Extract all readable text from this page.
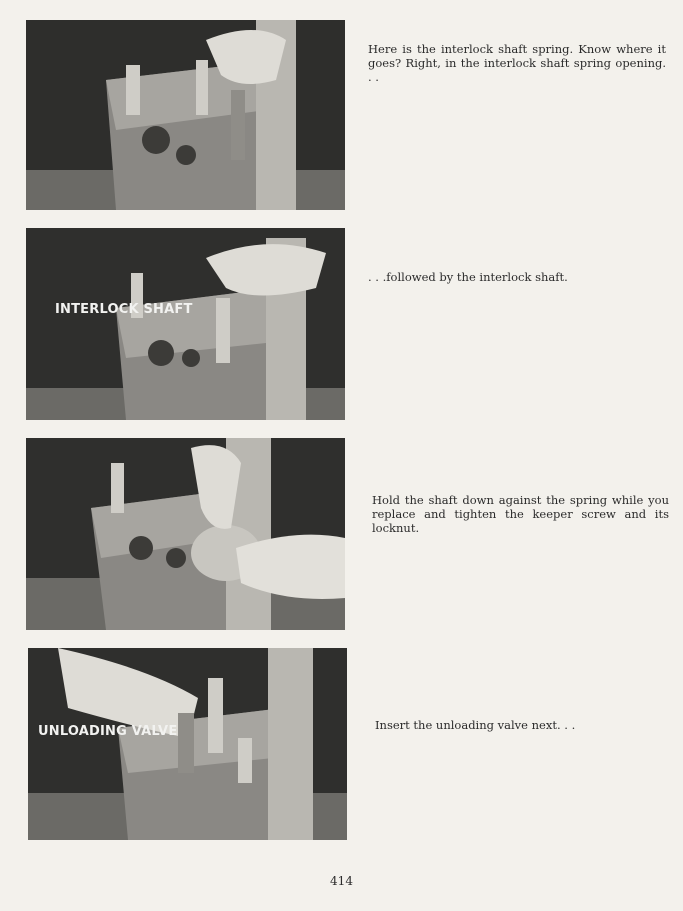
Here is the interlock shaft spring. Know where it goes? Right, in the interlock shaft spring opening. . .
INTERLOCK SHAFT
. . .followed by the interlock shaft.
Hold the shaft down against the spring while you replace and tighten the keeper screw and its locknut.
UNLOADING VALVE	Insert the unloading valve next. . .
414
